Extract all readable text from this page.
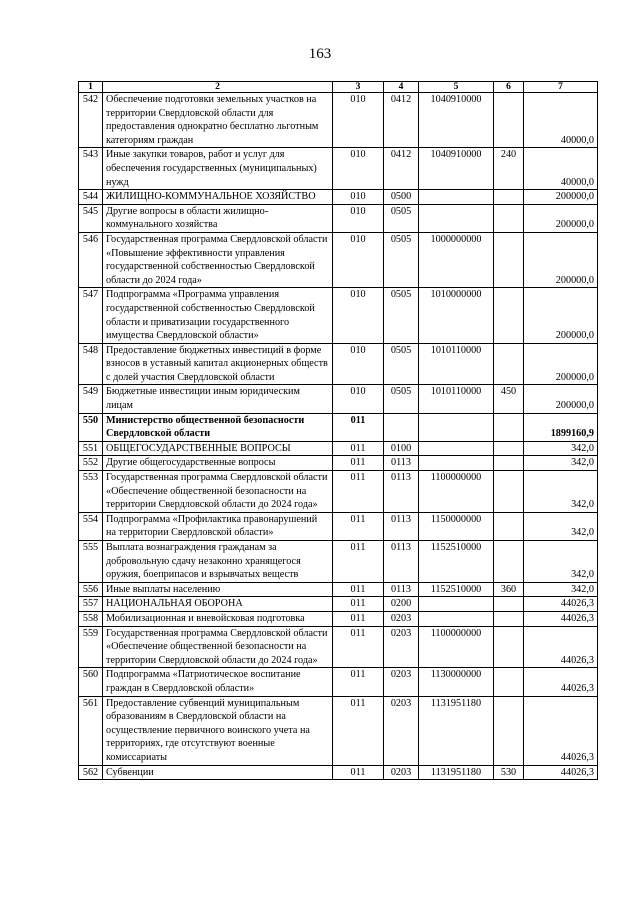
163
1	2	3	4	5	6	7
542	Обеспечение подготовки земельных участков на территории Свердловской области для предоставления однократно бесплатно льготным категориям граждан	010	0412	1040910000		40000,0
543	Иные закупки товаров, работ и услуг для обеспечения государственных (муниципальных) нужд	010	0412	1040910000	240	40000,0
544	ЖИЛИЩНО-КОММУНАЛЬНОЕ ХОЗЯЙСТВО	010	0500			200000,0
545	Другие вопросы в области жилищно-коммунального хозяйства	010	0505			200000,0
546	Государственная программа Свердловской области «Повышение эффективности управления государственной собственностью Свердловской области до 2024 года»	010	0505	1000000000		200000,0
547	Подпрограмма «Программа управления государственной собственностью Свердловской области и приватизации государственного имущества Свердловской области»	010	0505	1010000000		200000,0
548	Предоставление бюджетных инвестиций в форме взносов в уставный капитал акционерных обществ с долей участия Свердловской области	010	0505	1010110000		200000,0
549	Бюджетные инвестиции иным юридическим лицам	010	0505	1010110000	450	200000,0
550	Министерство общественной безопасности Свердловской области	011				1899160,9
551	ОБЩЕГОСУДАРСТВЕННЫЕ ВОПРОСЫ	011	0100			342,0
552	Другие общегосударственные вопросы	011	0113			342,0
553	Государственная программа Свердловской области «Обеспечение общественной безопасности на территории Свердловской области до 2024 года»	011	0113	1100000000		342,0
554	Подпрограмма «Профилактика правонарушений на территории Свердловской области»	011	0113	1150000000		342,0
555	Выплата вознаграждения гражданам за добровольную сдачу незаконно хранящегося оружия, боеприпасов и взрывчатых веществ	011	0113	1152510000		342,0
556	Иные выплаты населению	011	0113	1152510000	360	342,0
557	НАЦИОНАЛЬНАЯ ОБОРОНА	011	0200			44026,3
558	Мобилизационная и вневойсковая подготовка	011	0203			44026,3
559	Государственная программа Свердловской области «Обеспечение общественной безопасности на территории Свердловской области до 2024 года»	011	0203	1100000000		44026,3
560	Подпрограмма «Патриотическое воспитание граждан в Свердловской области»	011	0203	1130000000		44026,3
561	Предоставление субвенций муниципальным образованиям в Свердловской области на осуществление первичного воинского учета на территориях, где отсутствуют военные комиссариаты	011	0203	1131951180		44026,3
562	Субвенции	011	0203	1131951180	530	44026,3
